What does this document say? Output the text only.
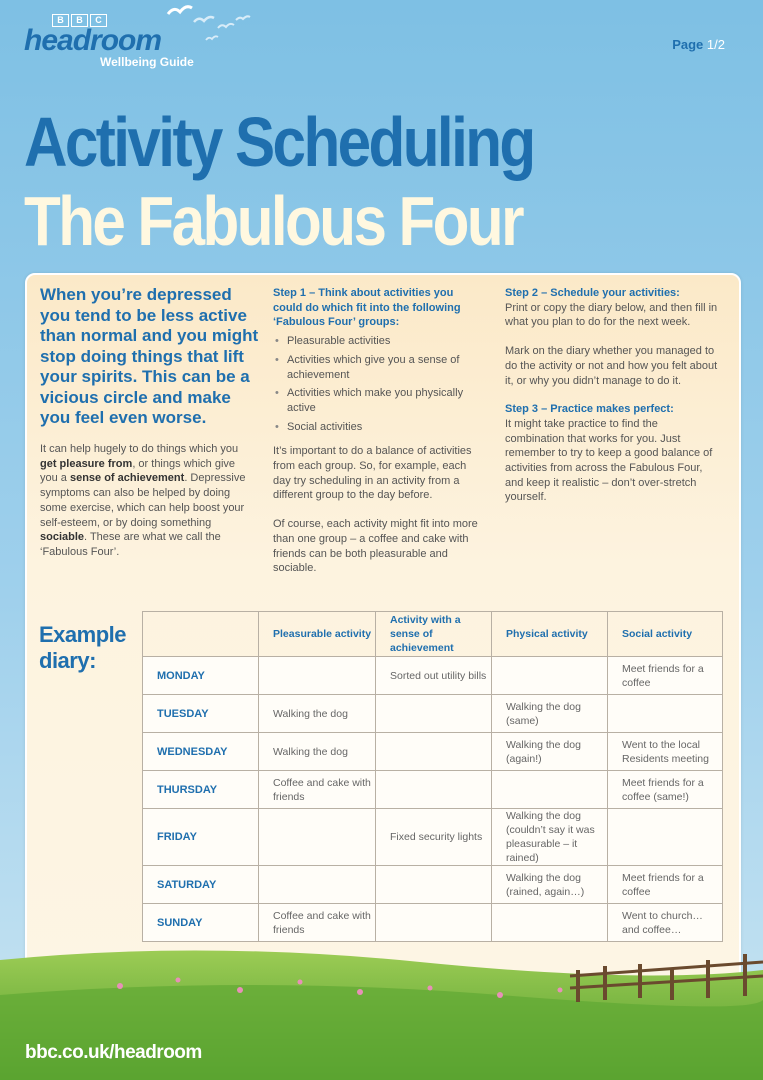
B	B	C
headroom
Wellbeing Guide
Page 1/2
Activity Scheduling
The Fabulous Four
When you’re depressed you tend to be less active than normal and you might stop doing things that lift your spirits. This can be a vicious circle and make you feel even worse.
It can help hugely to do things which you get pleasure from, or things which give you a sense of achievement. Depressive symptoms can also be helped by doing some exercise, which can help boost your self-esteem, or by doing something sociable. These are what we call the ‘Fabulous Four’.
Step 1 – Think about activities you could do which fit into the following ‘Fabulous Four’ groups:
• Pleasurable activities
• Activities which give you a sense of achievement
• Activities which make you physically active
• Social activities

It’s important to do a balance of activities from each group. So, for example, each day try scheduling in an activity from a different group to the day before.

Of course, each activity might fit into more than one group – a coffee and cake with friends can be both pleasurable and sociable.

Step 2 – Schedule your activities:

Print or copy the diary below, and then fill in what you plan to do for the next week.

Mark on the diary whether you managed to do the activity or not and how you felt about it, or why you didn’t manage to do it.

Step 3 – Practice makes perfect:

It might take practice to find the combination that works for you. Just remember to try to keep a good balance of activities from across the Fabulous Four, and keep it realistic – don’t over-stretch yourself.

Example diary:
	Pleasurable activity	Activity with a sense of achievement	Physical activity	Social activity
MONDAY		Sorted out utility bills		Meet friends for a coffee
TUESDAY	Walking the dog		Walking the dog (same)	
WEDNESDAY	Walking the dog		Walking the dog (again!)	Went to the local Residents meeting
THURSDAY	Coffee and cake with friends			Meet friends for a coffee (same!)
FRIDAY		Fixed security lights	Walking the dog (couldn’t say it was pleasurable – it rained)	
SATURDAY			Walking the dog (rained, again…)	Meet friends for a coffee
SUNDAY	Coffee and cake with friends			Went to church… and coffee…
bbc.co.uk/headroom
